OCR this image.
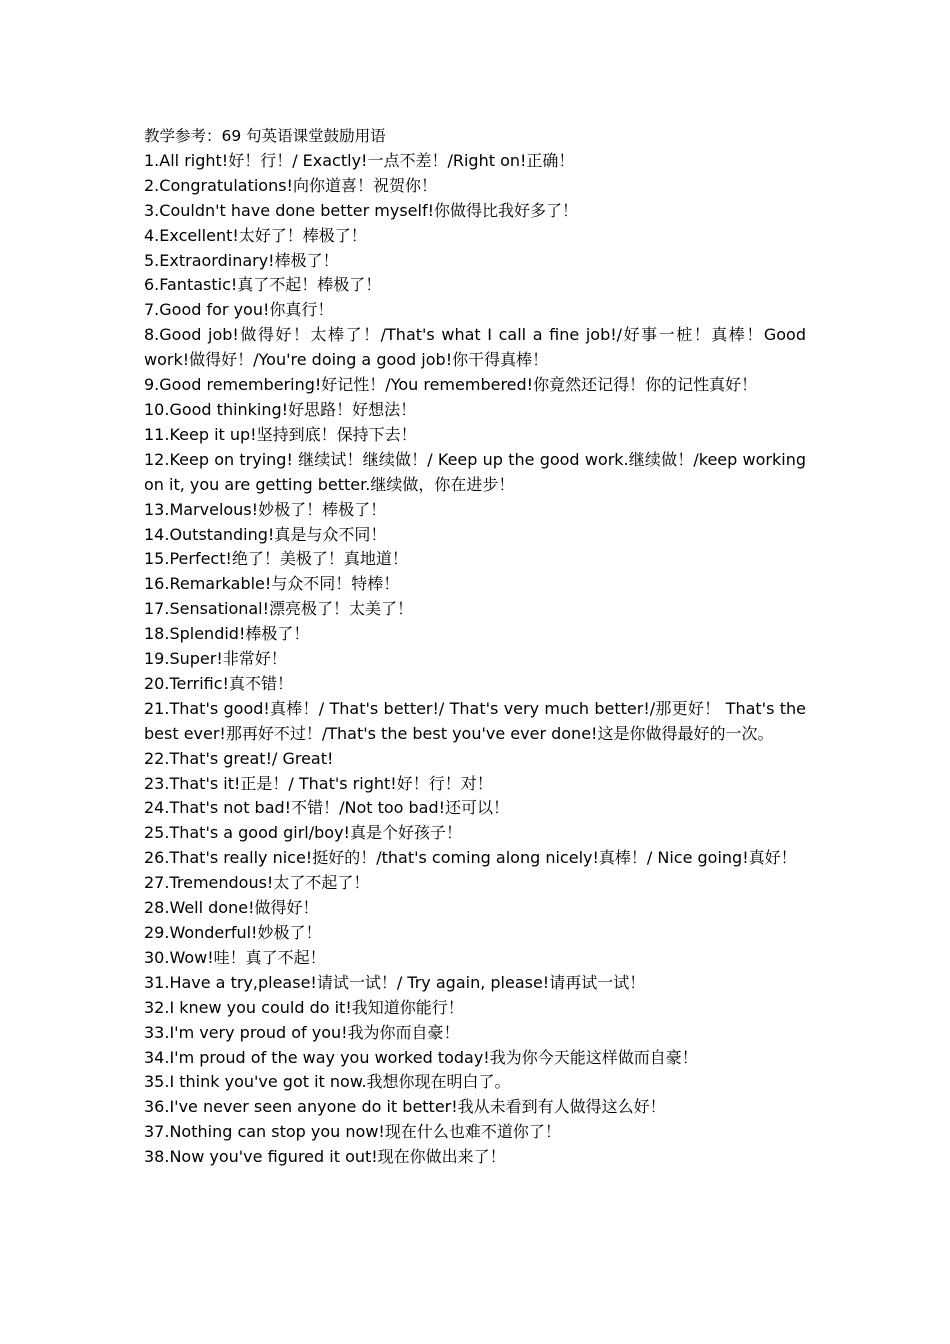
教学参考：69 句英语课堂鼓励用语

1.All right!好！行！/ Exactly!一点不差！/Right on!正确！

2.Congratulations!向你道喜！祝贺你！

3.Couldn't have done better myself!你做得比我好多了！

4.Excellent!太好了！棒极了！

5.Extraordinary!棒极了！

6.Fantastic!真了不起！棒极了！

7.Good for you!你真行！

8.Good job!做得好！太棒了！/That's what I call a fine job!/好事一桩！真棒！Good work!做得好！/You're doing a good job!你干得真棒！

9.Good remembering!好记性！/You remembered!你竟然还记得！你的记性真好！

10.Good thinking!好思路！好想法！

11.Keep it up!坚持到底！保持下去！

12.Keep on trying! 继续试！继续做！/ Keep up the good work.继续做！/keep working on it, you are getting better.继续做，你在进步！

13.Marvelous!妙极了！棒极了！

14.Outstanding!真是与众不同！

15.Perfect!绝了！美极了！真地道！

16.Remarkable!与众不同！特棒！

17.Sensational!漂亮极了！太美了！

18.Splendid!棒极了！

19.Super!非常好！

20.Terrific!真不错！

21.That's good!真棒！/ That's better!/ That's very much better!/那更好！ That's the best ever!那再好不过！/That's the best you've ever done!这是你做得最好的一次。

22.That's great!/ Great!

23.That's it!正是！/ That's right!好！行！对！

24.That's not bad!不错！/Not too bad!还可以！

25.That's a good girl/boy!真是个好孩子！

26.That's really nice!挺好的！/that's coming along nicely!真棒！/ Nice going!真好！

27.Tremendous!太了不起了！

28.Well done!做得好！

29.Wonderful!妙极了！

30.Wow!哇！真了不起！

31.Have a try,please!请试一试！/ Try again, please!请再试一试！

32.I knew you could do it!我知道你能行！

33.I'm very proud of you!我为你而自豪！

34.I'm proud of the way you worked today!我为你今天能这样做而自豪！

35.I think you've got it now.我想你现在明白了。

36.I've never seen anyone do it better!我从未看到有人做得这么好！

37.Nothing can stop you now!现在什么也难不道你了！

38.Now you've figured it out!现在你做出来了！
